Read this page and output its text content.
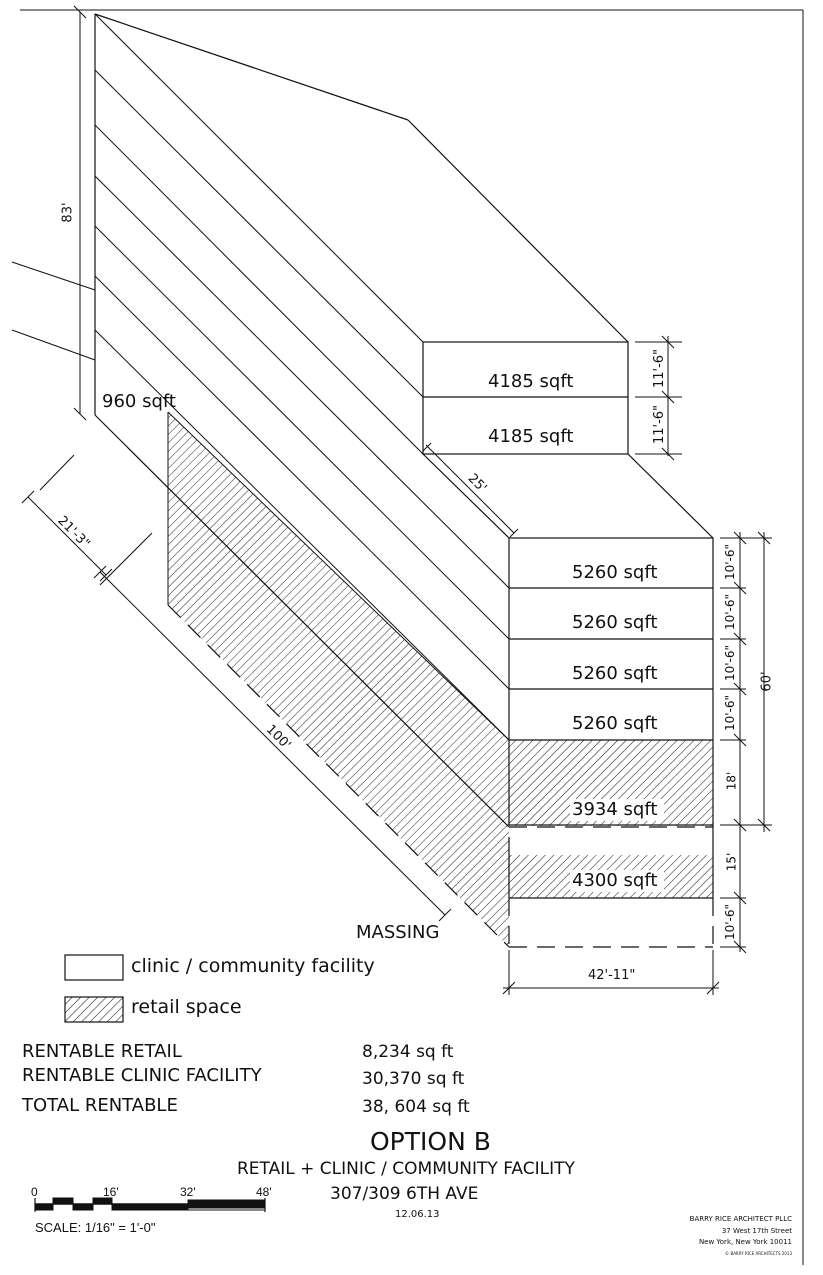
960 sqft
4185 sqft
4185 sqft
5260 sqft
5260 sqft
5260 sqft
5260 sqft
3934 sqft
4300 sqft
MASSING
83'
11'-6"
11'-6"
25'
10'-6"
10'-6"
10'-6"
10'-6"
18'
15'
10'-6"
60'
42'-11"
100'
21'-3"
clinic / community facility
retail space
RENTABLE RETAIL	8,234 sq ft
RENTABLE CLINIC FACILITY	30,370 sq ft
TOTAL RENTABLE	38, 604 sq ft
OPTION B
RETAIL + CLINIC / COMMUNITY FACILITY
307/309 6TH AVE
12.06.13
0	16'	32'	48'
SCALE: 1/16" = 1'-0"
BARRY RICE ARCHITECT PLLC
37 West 17th Street
New York, New York 10011
© BARRY RICE ARCHITECTS 2013
